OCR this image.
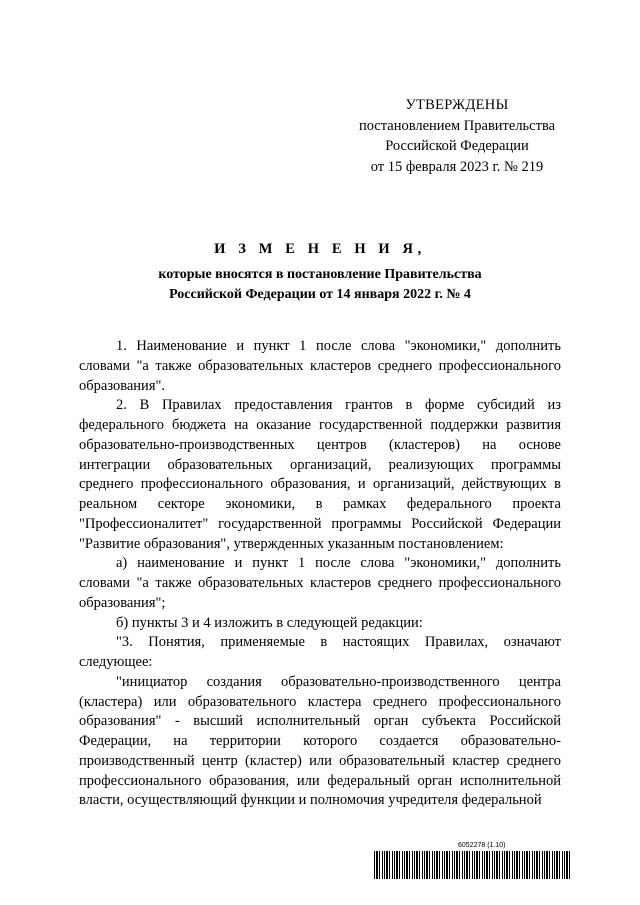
УТВЕРЖДЕНЫ
постановлением Правительства
Российской Федерации
от 15 февраля 2023 г. № 219
И З М Е Н Е Н И Я,
которые вносятся в постановление Правительства
Российской Федерации от 14 января 2022 г. № 4

1. Наименование и пункт 1 после слова "экономики," дополнить словами "а также образовательных кластеров среднего профессионального образования".

2. В Правилах предоставления грантов в форме субсидий из федерального бюджета на оказание государственной поддержки развития образовательно-производственных центров (кластеров) на основе интеграции образовательных организаций, реализующих программы среднего профессионального образования, и организаций, действующих в реальном секторе экономики, в рамках федерального проекта "Профессионалитет" государственной программы Российской Федерации "Развитие образования", утвержденных указанным постановлением:

а) наименование и пункт 1 после слова "экономики," дополнить словами "а также образовательных кластеров среднего профессионального образования";

б) пункты 3 и 4 изложить в следующей редакции:

"3. Понятия, применяемые в настоящих Правилах, означают следующее:

"инициатор создания образовательно-производственного центра (кластера) или образовательного кластера среднего профессионального образования" - высший исполнительный орган субъекта Российской Федерации, на территории которого создается образовательно-производственный центр (кластер) или образовательный кластер среднего профессионального образования, или федеральный орган исполнительной власти, осуществляющий функции и полномочия учредителя федеральной

6052278 (1.10)
